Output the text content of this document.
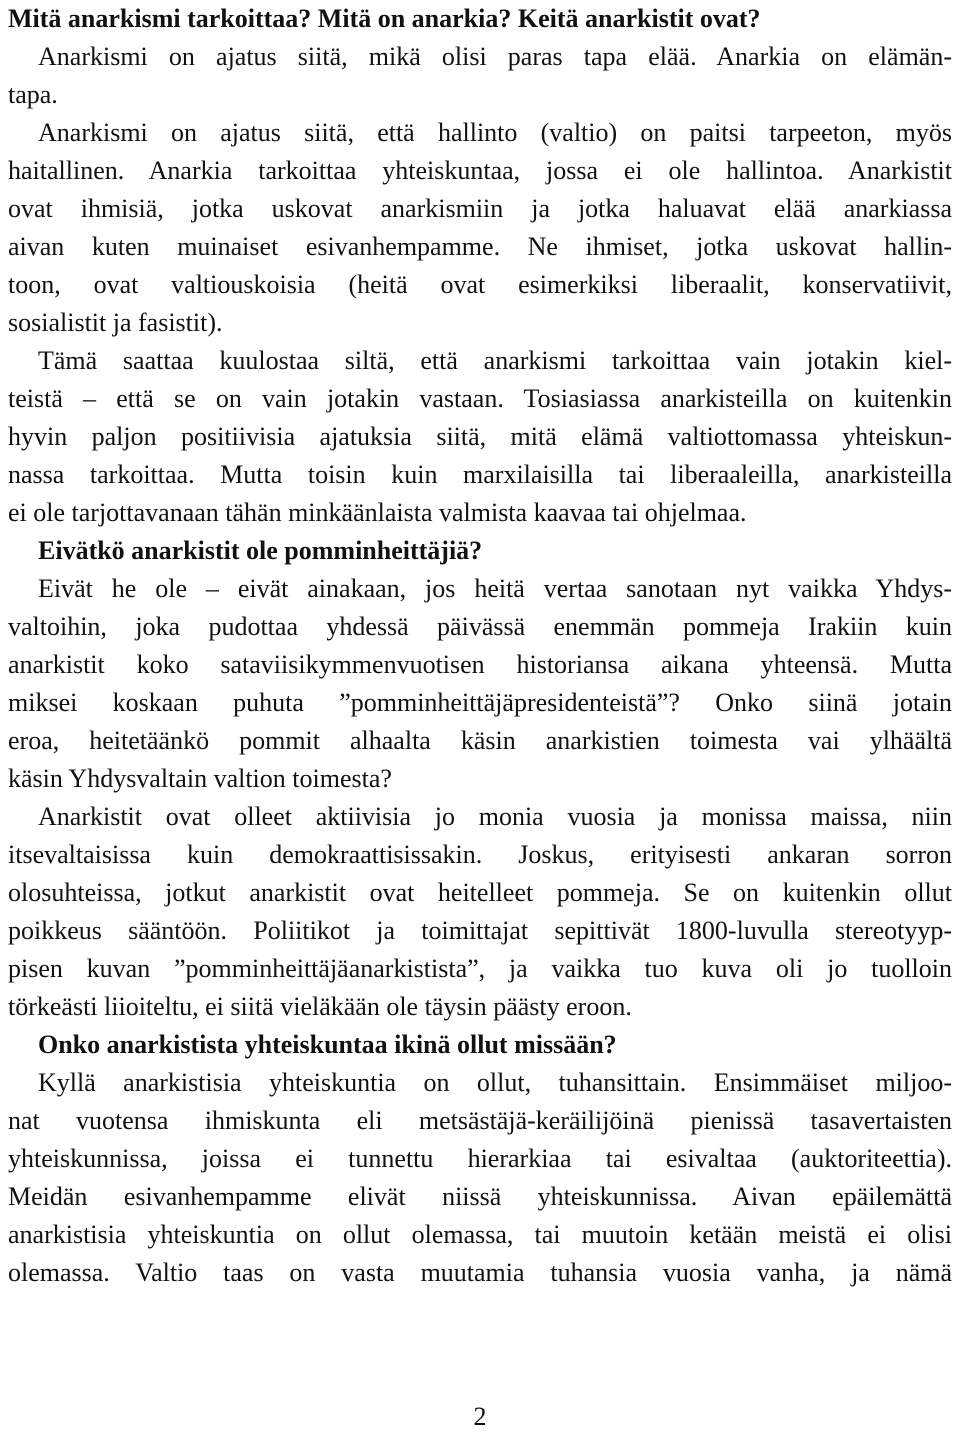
Mitä anarkismi tarkoittaa? Mitä on anarkia? Keitä anarkistit ovat?
Anarkismi on ajatus siitä, mikä olisi paras tapa elää. Anarkia on elämän-
tapa.
Anarkismi on ajatus siitä, että hallinto (valtio) on paitsi tarpeeton, myös
haitallinen. Anarkia tarkoittaa yhteiskuntaa, jossa ei ole hallintoa. Anarkistit
ovat ihmisiä, jotka uskovat anarkismiin ja jotka haluavat elää anarkiassa
aivan kuten muinaiset esivanhempamme. Ne ihmiset, jotka uskovat hallin-
toon, ovat valtiouskoisia (heitä ovat esimerkiksi liberaalit, konservatiivit,
sosialistit ja fasistit).
Tämä saattaa kuulostaa siltä, että anarkismi tarkoittaa vain jotakin kiel-
teistä – että se on vain jotakin vastaan. Tosiasiassa anarkisteilla on kuitenkin
hyvin paljon positiivisia ajatuksia siitä, mitä elämä valtiottomassa yhteiskun-
nassa tarkoittaa. Mutta toisin kuin marxilaisilla tai liberaaleilla, anarkisteilla
ei ole tarjottavanaan tähän minkäänlaista valmista kaavaa tai ohjelmaa.
Eivätkö anarkistit ole pomminheittäjiä?
Eivät he ole – eivät ainakaan, jos heitä vertaa sanotaan nyt vaikka Yhdys-
valtoihin, joka pudottaa yhdessä päivässä enemmän pommeja Irakiin kuin
anarkistit koko sataviisikymmenvuotisen historiansa aikana yhteensä. Mutta
miksei koskaan puhuta ”pomminheittäjäpresidenteistä”? Onko siinä jotain
eroa, heitetäänkö pommit alhaalta käsin anarkistien toimesta vai ylhäältä
käsin Yhdysvaltain valtion toimesta?
Anarkistit ovat olleet aktiivisia jo monia vuosia ja monissa maissa, niin
itsevaltaisissa kuin demokraattisissakin. Joskus, erityisesti ankaran sorron
olosuhteissa, jotkut anarkistit ovat heitelleet pommeja. Se on kuitenkin ollut
poikkeus sääntöön. Poliitikot ja toimittajat sepittivät 1800-luvulla stereotyyp-
pisen kuvan ”pomminheittäjäanarkistista”, ja vaikka tuo kuva oli jo tuolloin
törkeästi liioiteltu, ei siitä vieläkään ole täysin päästy eroon.
Onko anarkistista yhteiskuntaa ikinä ollut missään?
Kyllä anarkistisia yhteiskuntia on ollut, tuhansittain. Ensimmäiset miljoo-
nat vuotensa ihmiskunta eli metsästäjä-keräilijöinä pienissä tasavertaisten
yhteiskunnissa, joissa ei tunnettu hierarkiaa tai esivaltaa (auktoriteettia).
Meidän esivanhempamme elivät niissä yhteiskunnissa. Aivan epäilemättä
anarkistisia yhteiskuntia on ollut olemassa, tai muutoin ketään meistä ei olisi
olemassa. Valtio taas on vasta muutamia tuhansia vuosia vanha, ja nämä
2
